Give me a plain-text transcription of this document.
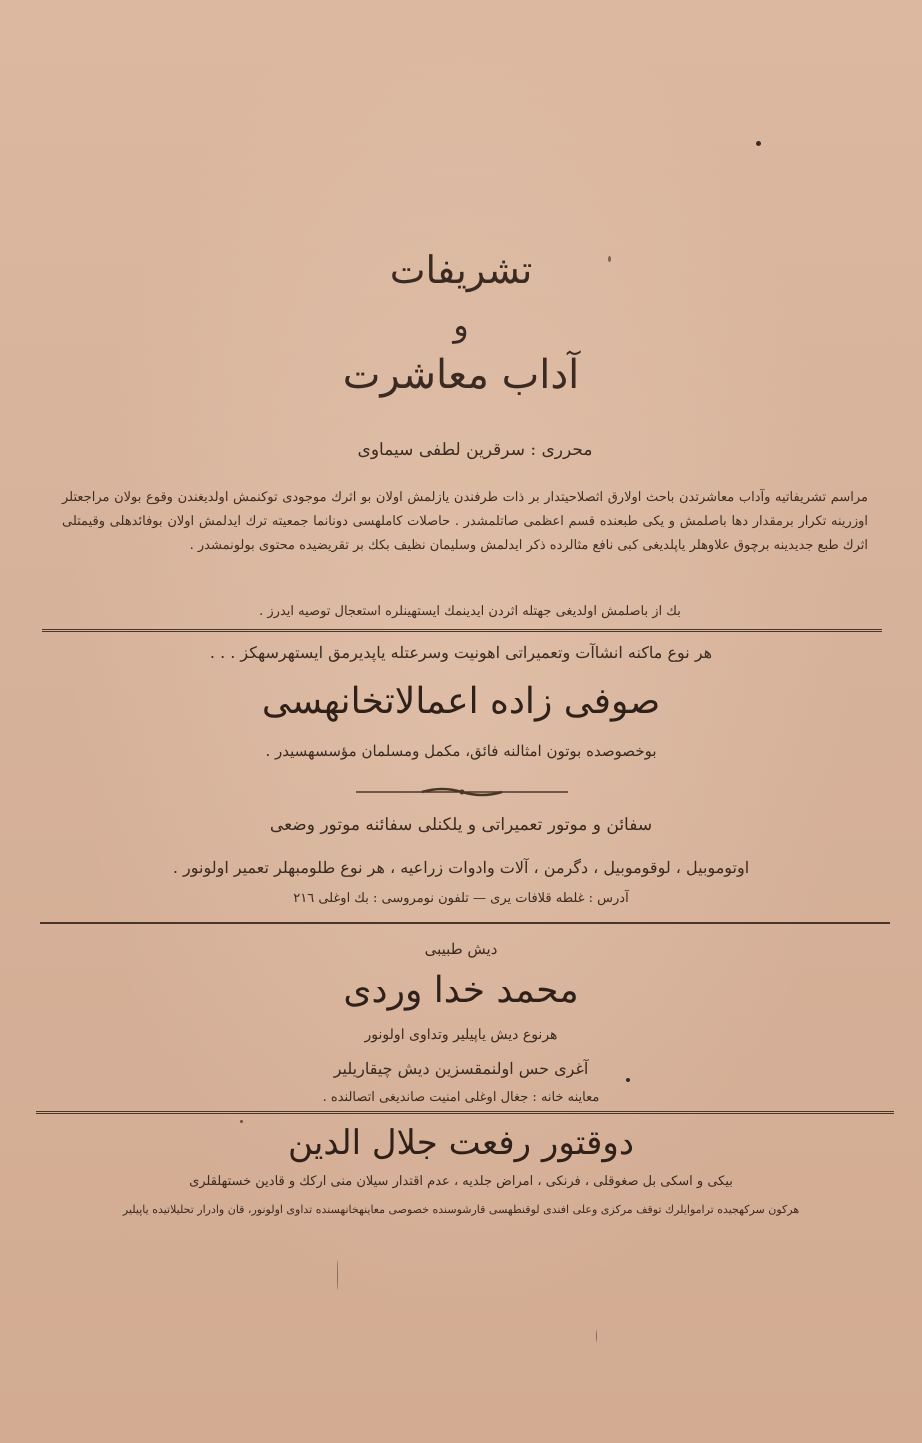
تشریفات
و
آداب معاشرت
محرری : سرقرین لطفی سیماوی
مراسم تشریفاتیه وآداب معاشرتدن باحث اولارق اثصلاحیتدار بر ذات طرفندن یازلمش اولان بو اثرك موجودی توكنمش اولدیغندن وقوع بولان مراجعتلر اوزرینه تكرار برمقدار دها باصلمش و یکی طبعنده قسم اعظمی صاتلمشدر . حاصلات كاملهسی دونانما جمعیته ترك ایدلمش اولان بوفائدهلی وقیمتلی اثرك طبع جدیدینه برچوق علاوهلر یاپلدیغی كبی نافع مثالرده ذكر ایدلمش وسلیمان نظیف بكك بر تقریضیده محتوی بولونمشدر .
بك از باصلمش اولدیغی جهتله اثردن ایدینمك ایستهینلره استعجال توصیه ایدرز .
هر نوع ماكنه انشاآت وتعمیراتی اهونیت وسرعتله یاپدیرمق ایستهرسهكز . . .
صوفی زاده اعمالاتخانهسی
بوخصوصده بوتون امثالنه فائق، مكمل ومسلمان مؤسسهسیدر .
سفائن و موتور تعمیراتی و یلكنلی سفائنه موتور وضعی
اوتوموبیل ، لوقوموبیل ، دگرمن ، آلات وادوات زراعیه ، هر نوع طلومبهلر تعمیر اولونور .
آدرس : غلطه قلافات یری — تلفون نومروسی : بك اوغلی ٢١٦
دیش طبیبی
محمد خدا وردی
هرنوع دیش یاپیلیر وتداوی اولونور
آغری حس اولنمقسزین دیش چیقاریلیر
معاینه خانه : جغال اوغلی امنیت صاندیغی اتصالنده .
دوقتور رفعت جلال الدین
بیكی و اسكی بل صغوقلی ، فرنكی ، امراض جلدیه ، عدم اقتدار سیلان منی اركك و قادین خستهلقلری
هركون سركهجیده تراموایلرك توقف مركزی وعلی افندی لوقنطهسی قارشوسنده خصوصی معاینهخانهسنده تداوی اولونور، قان وادرار تحلیلاتیده یاپیلیر
